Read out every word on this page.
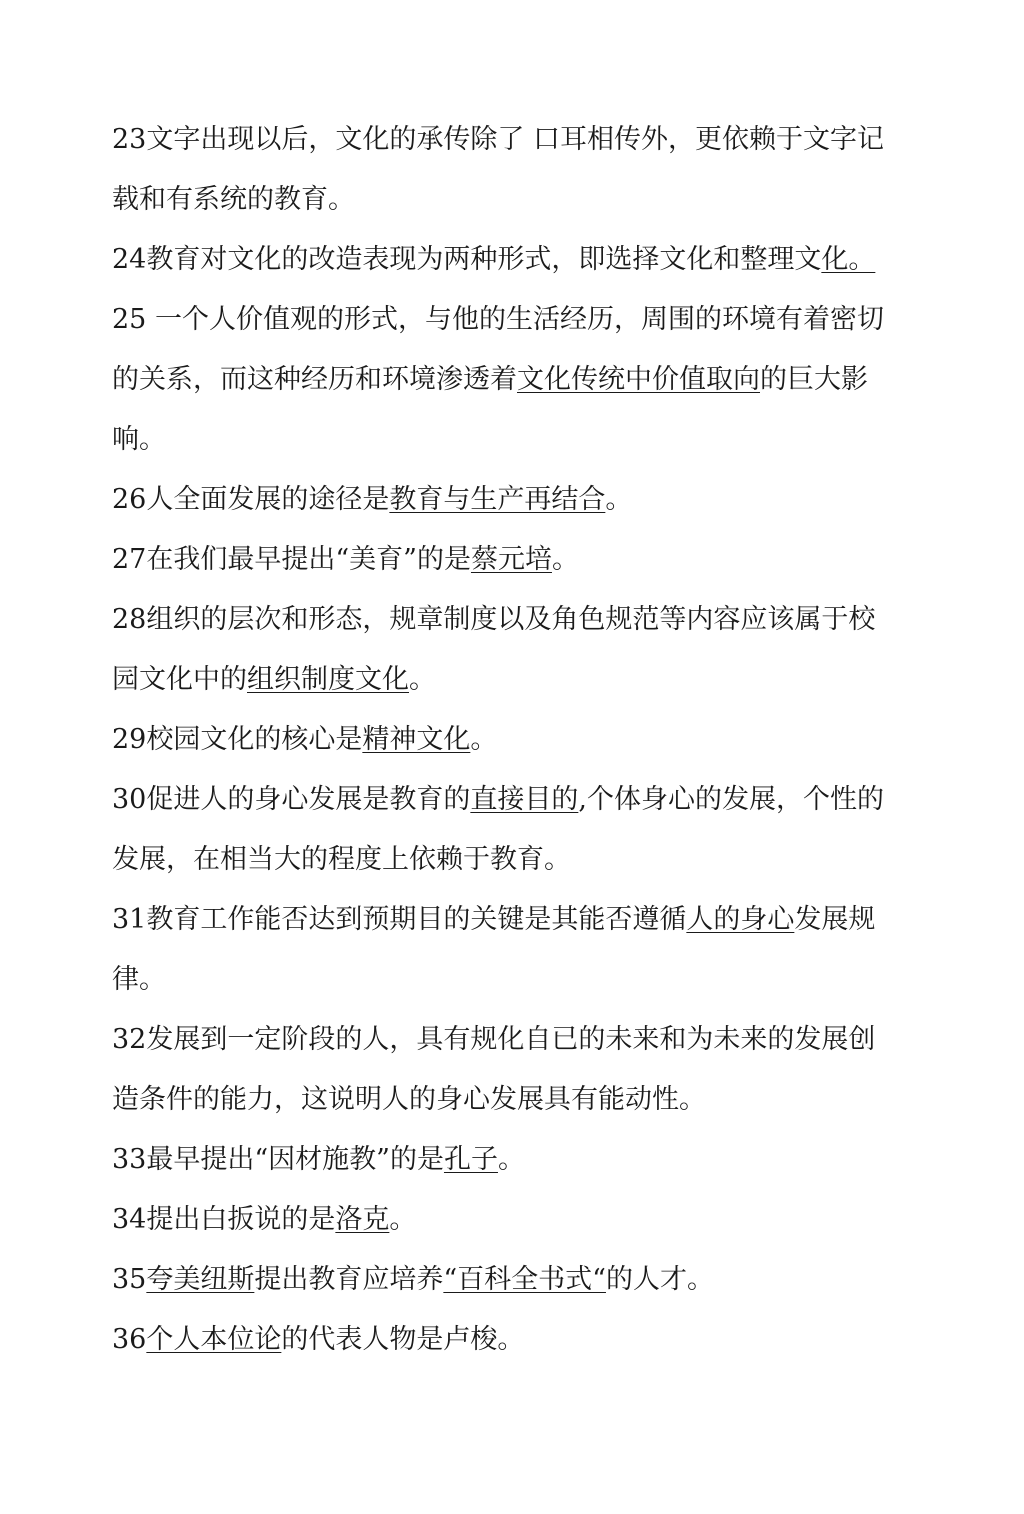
23文字出现以后，文化的承传除了 口耳相传外，更依赖于文字记载和有系统的教育。

24教育对文化的改造表现为两种形式，即选择文化和整理文化。

25 一个人价值观的形式，与他的生活经历，周围的环境有着密切的关系，而这种经历和环境渗透着文化传统中价值取向的巨大影响。

26人全面发展的途径是教育与生产再结合。

27在我们最早提出“美育”的是蔡元培。

28组织的层次和形态，规章制度以及角色规范等内容应该属于校园文化中的组织制度文化。

29校园文化的核心是精神文化。

30促进人的身心发展是教育的直接目的,个体身心的发展，个性的发展，在相当大的程度上依赖于教育。

31教育工作能否达到预期目的关键是其能否遵循人的身心发展规律。

32发展到一定阶段的人，具有规化自已的未来和为未来的发展创造条件的能力，这说明人的身心发展具有能动性。

33最早提出“因材施教”的是孔子。

34提出白扳说的是洛克。

35夸美纽斯提出教育应培养“百科全书式“的人才。

36个人本位论的代表人物是卢梭。
